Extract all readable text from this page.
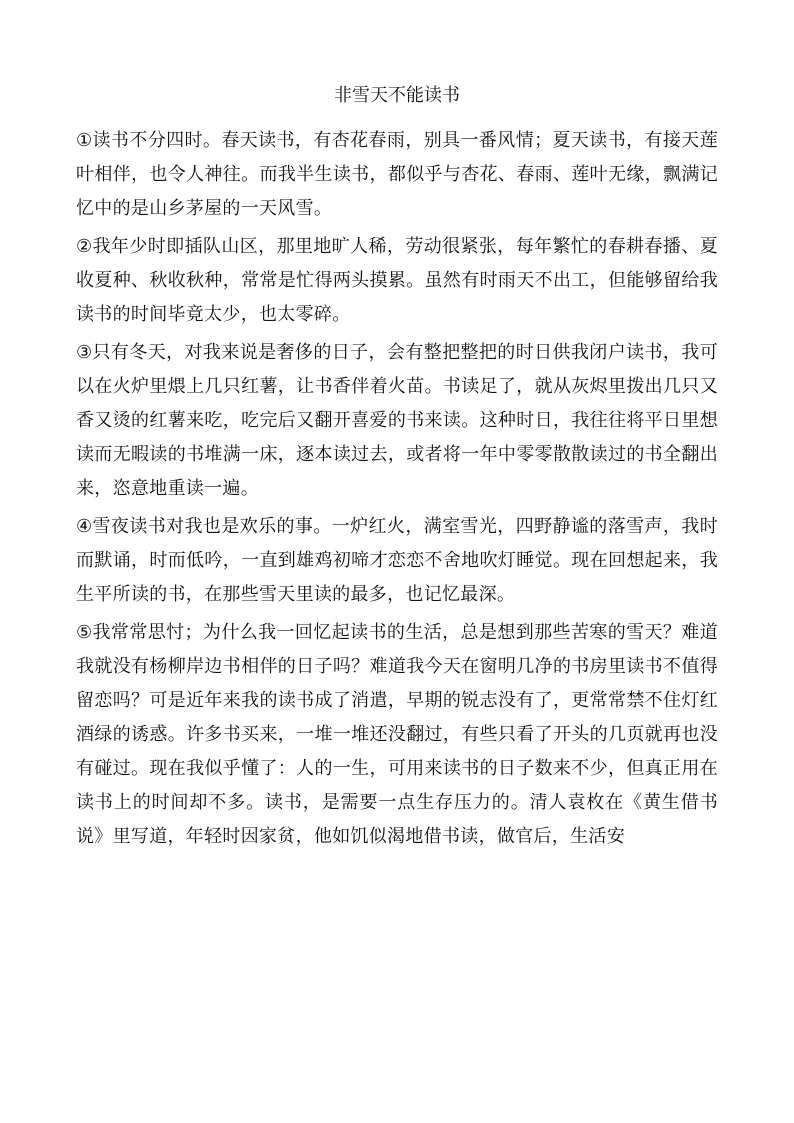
非雪天不能读书

①读书不分四时。春天读书，有杏花春雨，别具一番风情；夏天读书，有接天莲叶相伴，也令人神往。而我半生读书，都似乎与杏花、春雨、莲叶无缘，飘满记忆中的是山乡茅屋的一天风雪。

②我年少时即插队山区，那里地旷人稀，劳动很紧张，每年繁忙的春耕春播、夏收夏种、秋收秋种，常常是忙得两头摸累。虽然有时雨天不出工，但能够留给我读书的时间毕竟太少，也太零碎。

③只有冬天，对我来说是奢侈的日子，会有整把整把的时日供我闭户读书，我可以在火炉里煨上几只红薯，让书香伴着火苗。书读足了，就从灰烬里拨出几只又香又烫的红薯来吃，吃完后又翻开喜爱的书来读。这种时日，我往往将平日里想读而无暇读的书堆满一床，逐本读过去，或者将一年中零零散散读过的书全翻出来，恣意地重读一遍。

④雪夜读书对我也是欢乐的事。一炉红火，满室雪光，四野静谧的落雪声，我时而默诵，时而低吟，一直到雄鸡初啼才恋恋不舍地吹灯睡觉。现在回想起来，我生平所读的书，在那些雪天里读的最多，也记忆最深。

⑤我常常思忖；为什么我一回忆起读书的生活，总是想到那些苦寒的雪天？难道我就没有杨柳岸边书相伴的日子吗？难道我今天在窗明几净的书房里读书不值得留恋吗？可是近年来我的读书成了消遣，早期的锐志没有了，更常常禁不住灯红酒绿的诱惑。许多书买来，一堆一堆还没翻过，有些只看了开头的几页就再也没有碰过。现在我似乎懂了：人的一生，可用来读书的日子数来不少，但真正用在读书上的时间却不多。读书，是需要一点生存压力的。清人袁枚在《黄生借书说》里写道，年轻时因家贫，他如饥似渴地借书读，做官后，生活安
